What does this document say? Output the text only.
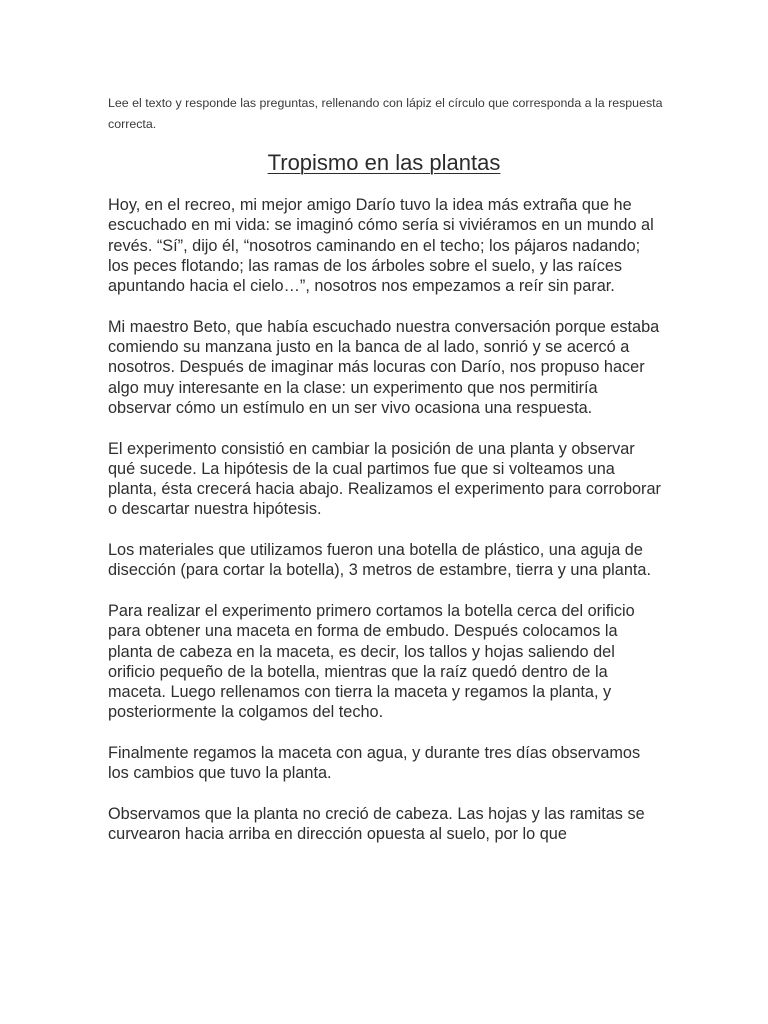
Lee el texto y responde las preguntas, rellenando con lápiz el círculo que corresponda a la respuesta correcta.

Tropismo en las plantas

Hoy, en el recreo, mi mejor amigo Darío tuvo la idea más extraña que he escuchado en mi vida: se imaginó cómo sería si viviéramos en un mundo al revés. “Sí”, dijo él, “nosotros caminando en el techo; los pájaros nadando; los peces flotando; las ramas de los árboles sobre el suelo, y las raíces apuntando hacia el cielo…”, nosotros nos empezamos a reír sin parar.

Mi maestro Beto, que había escuchado nuestra conversación porque estaba comiendo su manzana justo en la banca de al lado, sonrió y se acercó a nosotros. Después de imaginar más locuras con Darío, nos propuso hacer algo muy interesante en la clase: un experimento que nos permitiría observar cómo un estímulo en un ser vivo ocasiona una respuesta.

El experimento consistió en cambiar la posición de una planta y observar qué sucede. La hipótesis de la cual partimos fue que si volteamos una planta, ésta crecerá hacia abajo. Realizamos el experimento para corroborar o descartar nuestra hipótesis.

Los materiales que utilizamos fueron una botella de plástico, una aguja de disección (para cortar la botella), 3 metros de estambre, tierra y una planta.

Para realizar el experimento primero cortamos la botella cerca del orificio para obtener una maceta en forma de embudo. Después colocamos la planta de cabeza en la maceta, es decir, los tallos y hojas saliendo del orificio pequeño de la botella, mientras que la raíz quedó dentro de la maceta. Luego rellenamos con tierra la maceta y regamos la planta, y posteriormente la colgamos del techo.

Finalmente regamos la maceta con agua, y durante tres días observamos los cambios que tuvo la planta.

Observamos que la planta no creció de cabeza. Las hojas y las ramitas se curvearon hacia arriba en dirección opuesta al suelo, por lo que
